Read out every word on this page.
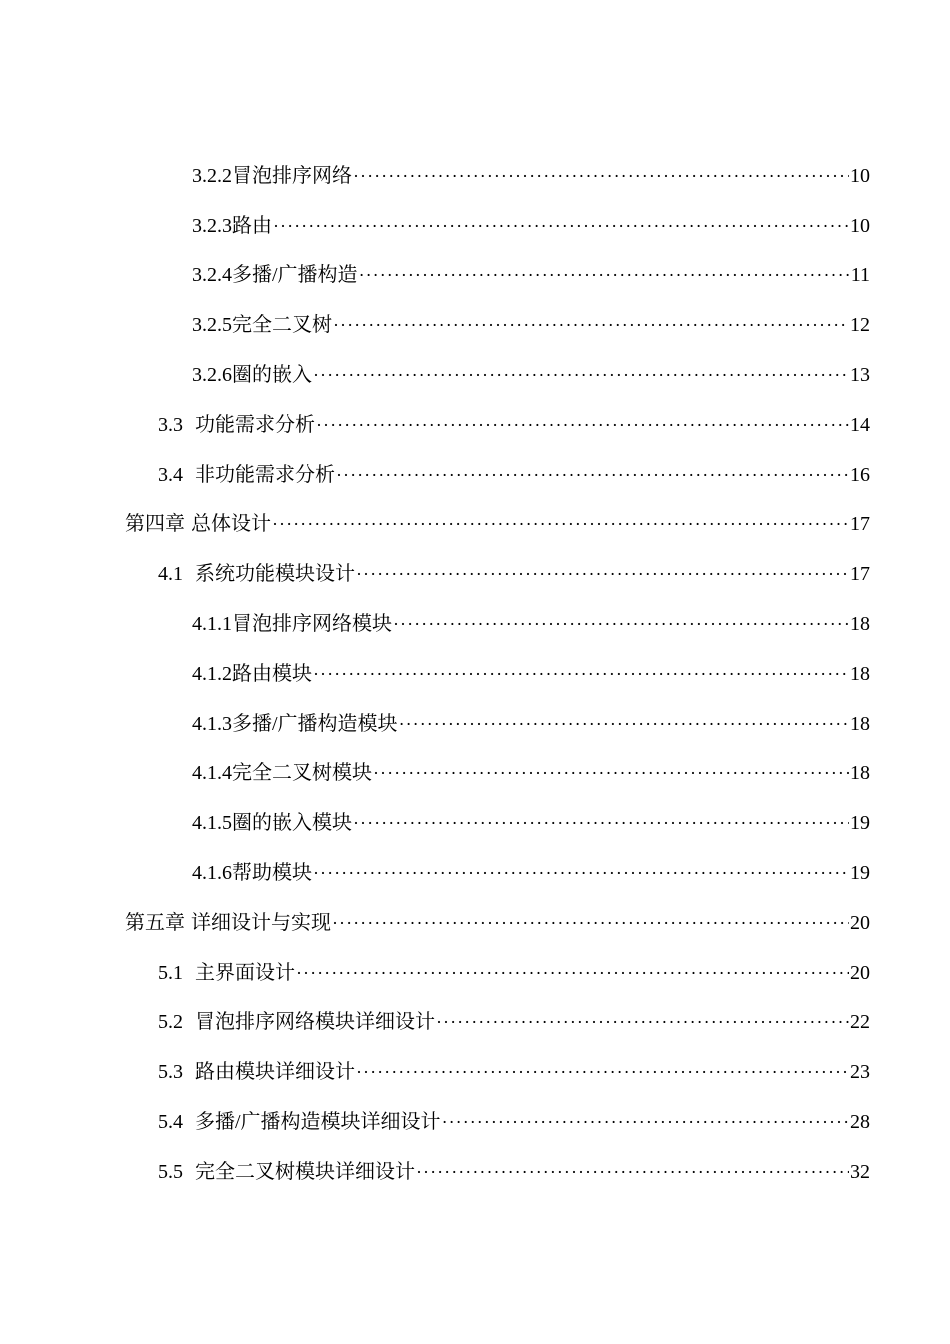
3.2.2 冒泡排序网络 ·····	10
3.2.3 路由 ·····	10
3.2.4 多播/广播构造 ·····	11
3.2.5 完全二叉树 ·····	12
3.2.6 圈的嵌入 ·····	13
3.3 功能需求分析 ·····	14
3.4 非功能需求分析 ·····	16
第四章 总体设计 ·····	17
4.1 系统功能模块设计 ·····	17
4.1.1 冒泡排序网络模块 ·····	18
4.1.2 路由模块 ·····	18
4.1.3 多播/广播构造模块 ·····	18
4.1.4 完全二叉树模块 ·····	18
4.1.5 圈的嵌入模块 ·····	19
4.1.6 帮助模块 ·····	19
第五章 详细设计与实现 ·····	20
5.1 主界面设计 ·····	20
5.2 冒泡排序网络模块详细设计 ·····	22
5.3 路由模块详细设计 ·····	23
5.4 多播/广播构造模块详细设计 ·····	28
5.5 完全二叉树模块详细设计 ·····	32
